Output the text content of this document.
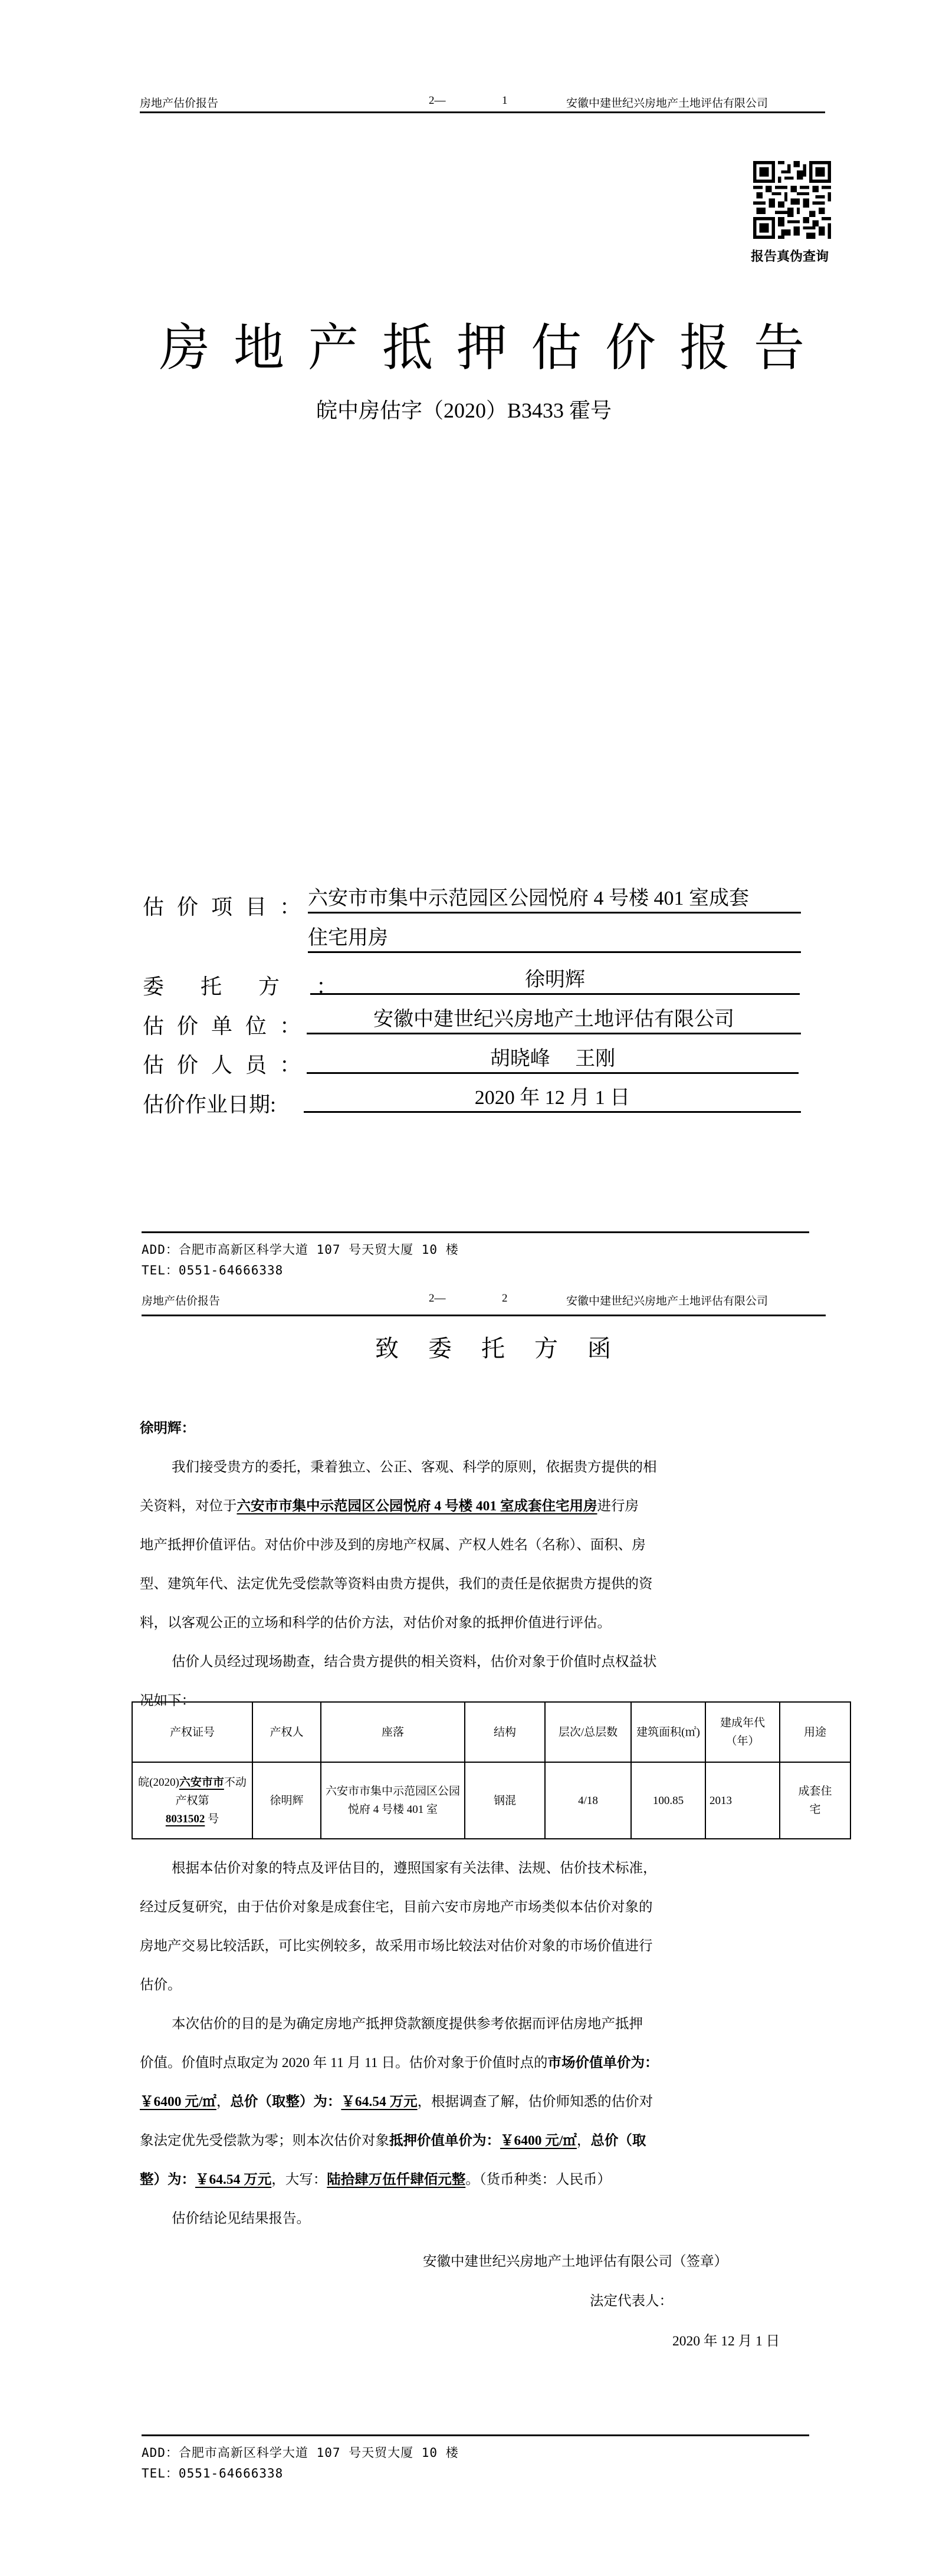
房地产估价报告	2—	1	安徽中建世纪兴房地产土地评估有限公司
报告真伪查询
房地产抵押估价报告
皖中房估字（2020）B3433 霍号
估价项目：
六安市市集中示范园区公园悦府 4 号楼 401 室成套
住宅用房
委托方：	徐明辉
估价单位：	安徽中建世纪兴房地产土地评估有限公司
估价人员：	胡晓峰　 王刚
估价作业日期:	2020 年 12 月 1 日
ADD：合肥市高新区科学大道 107 号天贸大厦 10 楼
TEL：0551-64666338
房地产估价报告	2—	2	安徽中建世纪兴房地产土地评估有限公司
致 委 托 方 函
徐明辉：
我们接受贵方的委托，秉着独立、公正、客观、科学的原则，依据贵方提供的相
关资料，对位于六安市市集中示范园区公园悦府 4 号楼 401 室成套住宅用房进行房
地产抵押价值评估。对估价中涉及到的房地产权属、产权人姓名（名称）、面积、房
型、建筑年代、法定优先受偿款等资料由贵方提供，我们的责任是依据贵方提供的资
料，以客观公正的立场和科学的估价方法，对估价对象的抵押价值进行评估。
估价人员经过现场勘查，结合贵方提供的相关资料，估价对象于价值时点权益状
况如下：
产权证号	产权人	座落	结构	层次/总层数	建筑面积(㎡)	建成年代（年）	用途
皖(2020)六安市市不动产权第
8031502 号	徐明辉	六安市市集中示范园区公园悦府 4 号楼 401 室	钢混	4/18	100.85	2013	成套住宅
根据本估价对象的特点及评估目的，遵照国家有关法律、法规、估价技术标准，
经过反复研究，由于估价对象是成套住宅，目前六安市房地产市场类似本估价对象的
房地产交易比较活跃，可比实例较多，故采用市场比较法对估价对象的市场价值进行
估价。
本次估价的目的是为确定房地产抵押贷款额度提供参考依据而评估房地产抵押
价值。价值时点取定为 2020 年 11 月 11 日。估价对象于价值时点的市场价值单价为：
￥6400 元/㎡，总价（取整）为：￥64.54 万元，根据调查了解，估价师知悉的估价对
象法定优先受偿款为零；则本次估价对象抵押价值单价为：￥6400 元/㎡，总价（取
整）为：￥64.54 万元，大写：陆拾肆万伍仟肆佰元整。（货币种类：人民币）
估价结论见结果报告。
安徽中建世纪兴房地产土地评估有限公司（签章）
法定代表人：
2020 年 12 月 1 日
ADD：合肥市高新区科学大道 107 号天贸大厦 10 楼
TEL：0551-64666338
